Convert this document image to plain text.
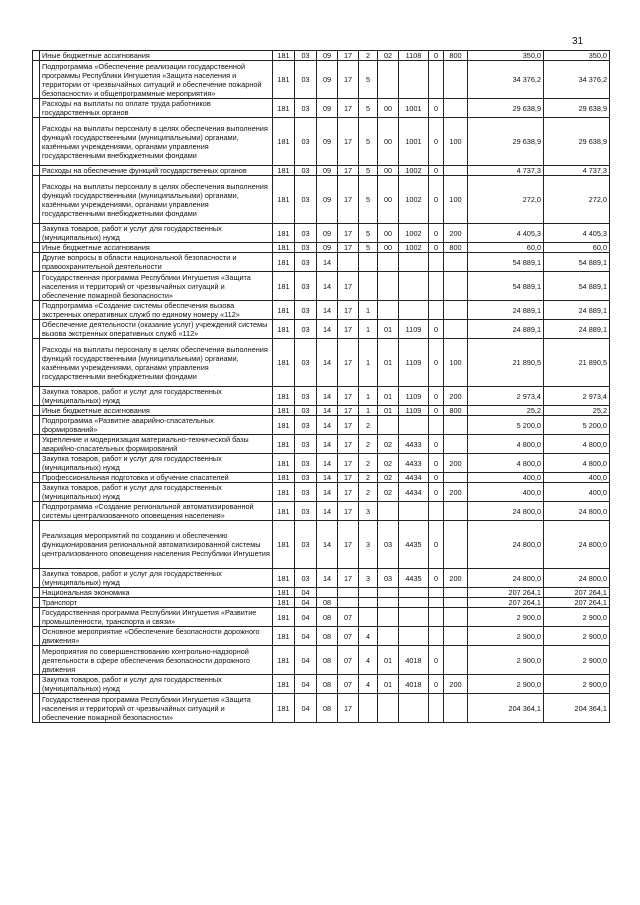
31
	Иные бюджетные ассигнования	181	03	09	17	2	02	1108	0	800	350,0	350,0
	Подпрограмма «Обеспечение реализации государственной программы Республики Ингушетия «Защита населения и территории от чрезвычайных ситуаций и обеспечение пожарной безопасности» и общепрограммные мероприятия»	181	03	09	17	5					34 376,2	34 376,2
	Расходы на выплаты по оплате труда работников государственных органов	181	03	09	17	5	00	1001	0		29 638,9	29 638,9
	Расходы на выплаты персоналу в целях обеспечения выполнения функций государственными (муниципальными) органами, казёнными учреждениями, органами управления государственными внебюджетными фондами	181	03	09	17	5	00	1001	0	100	29 638,9	29 638,9
	Расходы на обеспечение функций государственных органов	181	03	09	17	5	00	1002	0		4 737,3	4 737,3
	Расходы на выплаты персоналу в целях обеспечения выполнения функций государственными (муниципальными) органами, казёнными учреждениями, органами управления государственными внебюджетными фондами	181	03	09	17	5	00	1002	0	100	272,0	272,0
	Закупка товаров, работ и услуг для государственных (муниципальных) нужд	181	03	09	17	5	00	1002	0	200	4 405,3	4 405,3
	Иные бюджетные ассигнования	181	03	09	17	5	00	1002	0	800	60,0	60,0
	Другие вопросы в области национальной безопасности и правоохранительной деятельности	181	03	14							54 889,1	54 889,1
	Государственная программа Республики Ингушетия «Защита населения и территорий от чрезвычайных ситуаций и обеспечение пожарной безопасности»	181	03	14	17						54 889,1	54 889,1
	Подпрограмма «Создание системы обеспечения вызова экстренных оперативных служб по единому номеру «112»	181	03	14	17	1					24 889,1	24 889,1
	Обеспечение деятельности (оказание услуг) учреждений системы вызова экстренных оперативных служб «112»	181	03	14	17	1	01	1109	0		24 889,1	24 889,1
	Расходы на выплаты персоналу в целях обеспечения выполнения функций государственными (муниципальными) органами, казёнными учреждениями, органами управления государственными внебюджетными фондами	181	03	14	17	1	01	1109	0	100	21 890,5	21 890,5
	Закупка товаров, работ и услуг для государственных (муниципальных) нужд	181	03	14	17	1	01	1109	0	200	2 973,4	2 973,4
	Иные бюджетные ассигнования	181	03	14	17	1	01	1109	0	800	25,2	25,2
	Подпрограмма «Развитие аварийно-спасательных формирований»	181	03	14	17	2					5 200,0	5 200,0
	Укрепление и модернизация материально-технической базы аварийно-спасательных формирований	181	03	14	17	2	02	4433	0		4 800,0	4 800,0
	Закупка товаров, работ и услуг для государственных (муниципальных) нужд	181	03	14	17	2	02	4433	0	200	4 800,0	4 800,0
	Профессиональная подготовка и обучение спасателей	181	03	14	17	2	02	4434	0		400,0	400,0
	Закупка товаров, работ и услуг для государственных (муниципальных) нужд	181	03	14	17	2	02	4434	0	200	400,0	400,0
	Подпрограмма «Создание региональной автоматизированной системы централизованного оповещения населения»	181	03	14	17	3					24 800,0	24 800,0
	Реализация мероприятий по созданию и обеспечению функционирования региональной автоматизированной системы централизованного оповещения населения Республики Ингушетия	181	03	14	17	3	03	4435	0		24 800,0	24 800,0
	Закупка товаров, работ и услуг для государственных (муниципальных) нужд	181	03	14	17	3	03	4435	0	200	24 800,0	24 800,0
	Национальная экономика	181	04								207 264,1	207 264,1
	Транспорт	181	04	08							207 264,1	207 264,1
	Государственная программа Республики Ингушетия «Развитие промышленности, транспорта и связи»	181	04	08	07						2 900,0	2 900,0
	Основное мероприятие «Обеспечение безопасности дорожного движения»	181	04	08	07	4					2 900,0	2 900,0
	Мероприятия по совершенствованию контрольно-надзорной деятельности в сфере обеспечения безопасности дорожного движения	181	04	08	07	4	01	4018	0		2 900,0	2 900,0
	Закупка товаров, работ и услуг для государственных (муниципальных) нужд	181	04	08	07	4	01	4018	0	200	2 900,0	2 900,0
	Государственная программа Республики Ингушетия «Защита населения и территорий от чрезвычайных ситуаций и обеспечение пожарной безопасности»	181	04	08	17						204 364,1	204 364,1
